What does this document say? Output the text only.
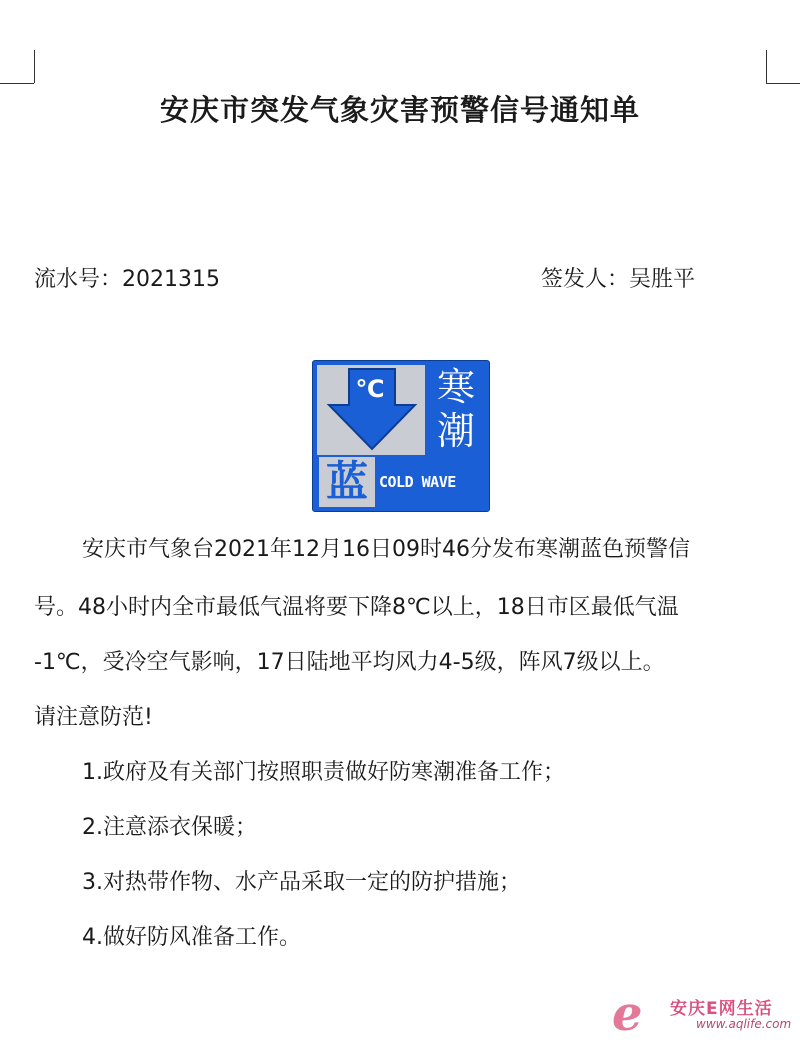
安庆市突发气象灾害预警信号通知单
流水号：2021315	签发人：吴胜平
℃ 寒潮
蓝 COLD WAVE
安庆市气象台2021年12月16日09时46分发布寒潮蓝色预警信
号。48小时内全市最低气温将要下降8℃以上，18日市区最低气温
-1℃，受冷空气影响，17日陆地平均风力4-5级，阵风7级以上。
请注意防范!
1.政府及有关部门按照职责做好防寒潮准备工作；
2.注意添衣保暖；
3.对热带作物、水产品采取一定的防护措施；
4.做好防风准备工作。
e 安庆E网生活
www.aqlife.com
